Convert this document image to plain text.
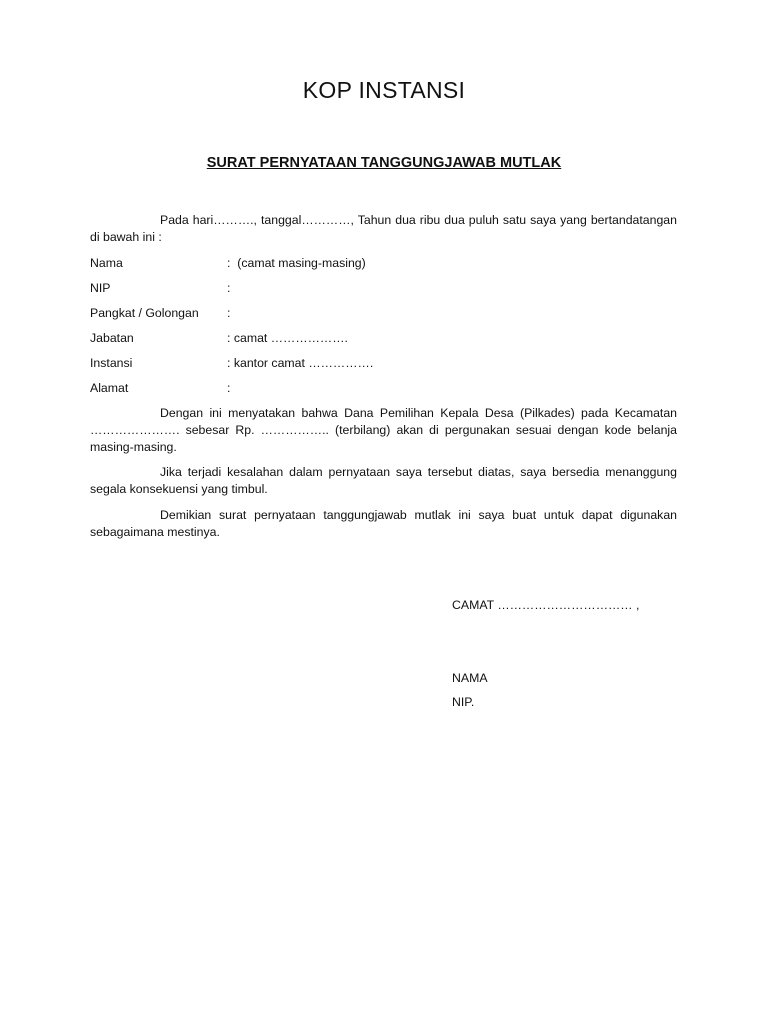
KOP INSTANSI
SURAT PERNYATAAN TANGGUNGJAWAB MUTLAK

Pada hari………., tanggal…………, Tahun dua ribu dua puluh satu saya yang bertandatangan di bawah ini :

Nama	:  (camat masing-masing)
NIP	:
Pangkat / Golongan :
Jabatan	: camat ……………….
Instansi	: kantor camat …………….
Alamat	:

Dengan ini menyatakan bahwa Dana Pemilihan Kepala Desa (Pilkades) pada Kecamatan …………………. sebesar Rp. …………….. (terbilang) akan di pergunakan sesuai dengan kode belanja masing-masing.

Jika terjadi kesalahan dalam pernyataan saya tersebut diatas, saya bersedia menanggung segala konsekuensi yang timbul.

Demikian surat pernyataan tanggungjawab mutlak ini saya buat untuk dapat digunakan sebagaimana mestinya.

CAMAT …………………………… ,
NAMA
NIP.
